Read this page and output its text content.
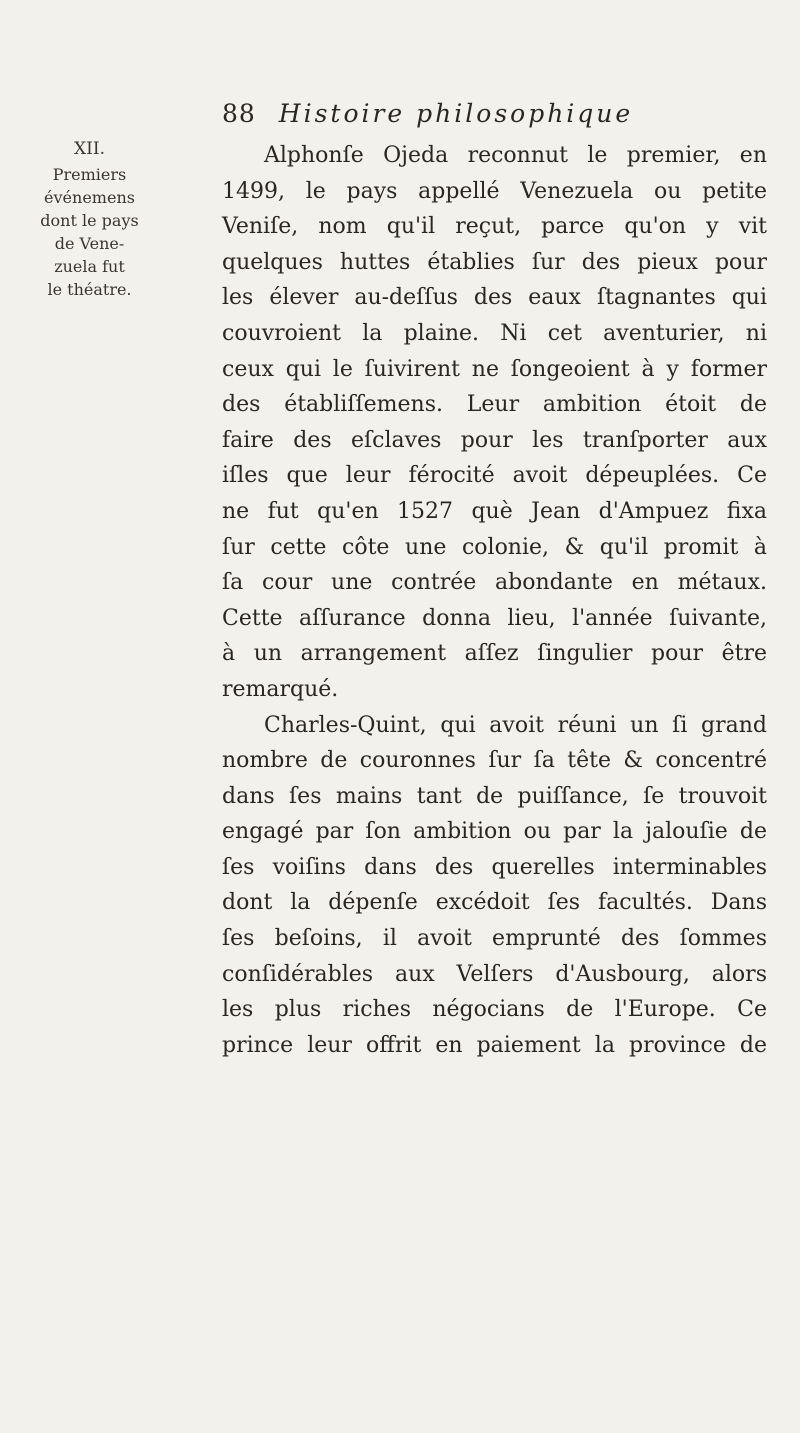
88 Histoire philosophique
XII.
Premiers
événemens
dont le pays
de Vene-
zuela fut
le théatre.
Alphonſe Ojeda reconnut le premier, en
1499, le pays appellé Venezuela ou petite
Veniſe, nom qu'il reçut, parce qu'on y vit
quelques huttes établies ſur des pieux pour
les élever au-deſſus des eaux ſtagnantes qui
couvroient la plaine. Ni cet aventurier, ni
ceux qui le ſuivirent ne ſongeoient à y former
des établiſſemens. Leur ambition étoit de
faire des eſclaves pour les tranſporter aux
iſles que leur férocité avoit dépeuplées. Ce
ne fut qu'en 1527 què Jean d'Ampuez fixa
ſur cette côte une colonie, & qu'il promit à
ſa cour une contrée abondante en métaux.
Cette aſſurance donna lieu, l'année ſuivante,
à un arrangement aſſez ſingulier pour être
remarqué.
Charles-Quint, qui avoit réuni un ſi grand
nombre de couronnes ſur ſa tête & concentré
dans ſes mains tant de puiſſance, ſe trouvoit
engagé par ſon ambition ou par la jalouſie de
ſes voiſins dans des querelles interminables
dont la dépenſe excédoit ſes facultés. Dans
ſes beſoins, il avoit emprunté des ſommes
conſidérables aux Velſers d'Ausbourg, alors
les plus riches négocians de l'Europe. Ce
prince leur offrit en paiement la province de
